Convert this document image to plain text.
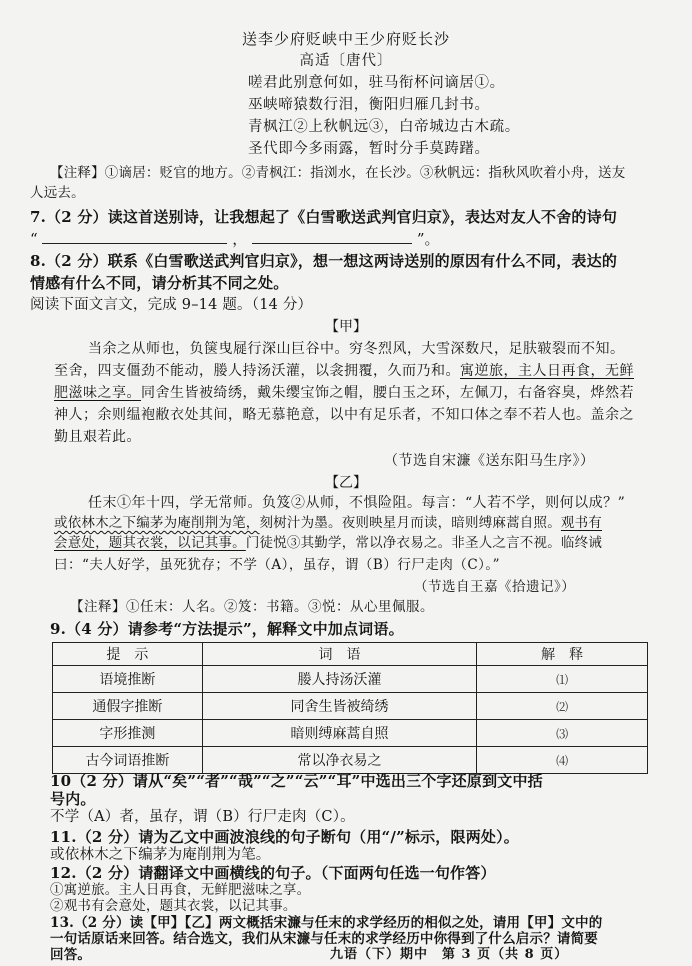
送李少府贬峡中王少府贬长沙
高适〔唐代〕
嗟君此别意何如，驻马衔杯问谪居①。
巫峡啼猿数行泪，衡阳归雁几封书。
青枫江②上秋帆远③，白帝城边古木疏。
圣代即今多雨露，暂时分手莫踌躇。
【注释】①谪居：贬官的地方。②青枫江：指浏水，在长沙。③秋帆远：指秋风吹着小舟，送友
人远去。
7.（2 分）读这首送别诗，让我想起了《白雪歌送武判官归京》，表达对友人不舍的诗句
“	，	”。
8.（2 分）联系《白雪歌送武判官归京》，想一想这两诗送别的原因有什么不同，表达的
情感有什么不同，请分析其不同之处。
阅读下面文言文，完成 9–14 题。（14 分）
【甲】
当余之从师也，负箧曳屣行深山巨谷中。穷冬烈风，大雪深数尺，足肤皲裂而不知。
至舍，四支僵劲不能动，媵人持汤沃灌，以衾拥覆，久而乃和。寓逆旅，主人日再食，无鲜
肥滋味之享。同舍生皆被绮绣，戴朱缨宝饰之帽，腰白玉之环，左佩刀，右备容臭，烨然若
神人；余则缊袍敝衣处其间，略无慕艳意，以中有足乐者，不知口体之奉不若人也。盖余之
勤且艰若此。
（节选自宋濂《送东阳马生序》）
【乙】
任末①年十四，学无常师。负笈②从师，不惧险阻。每言：“人若不学，则何以成？”
或依林木之下编茅为庵削荆为笔，刻树汁为墨。夜则映星月而读，暗则缚麻蒿自照。观书有
会意处，题其衣裳，以记其事。门徒悦③其勤学，常以净衣易之。非圣人之言不视。临终诫
曰：“夫人好学，虽死犹存；不学（A），虽存，谓（B）行尸走肉（C）。”
（节选自王嘉《拾遗记》）
【注释】①任末：人名。②笈：书籍。③悦：从心里佩服。
9.（4 分）请参考“方法提示”，解释文中加点词语。
提　示	词　语	解　释
语境推断	媵人持汤沃灌	⑴
通假字推断	同舍生皆被绮绣	⑵
字形推测	暗则缚麻蒿自照	⑶
古今词语推断	常以净衣易之	⑷
10（2 分）请从“矣”“者”“哉”“之”“云”“耳”中选出三个字还原到文中括
号内。
不学（A）者，虽存，谓（B）行尸走肉（C）。
11.（2 分）请为乙文中画波浪线的句子断句（用“/”标示，限两处）。
或依林木之下编茅为庵削荆为笔。
12.（2 分）请翻译文中画横线的句子。（下面两句任选一句作答）
①寓逆旅。主人日再食，无鲜肥滋味之享。
②观书有会意处，题其衣裳，以记其事。
13.（2 分）读【甲】【乙】两文概括宋濂与任末的求学经历的相似之处，请用【甲】文中的
一句话原话来回答。结合选文，我们从宋濂与任末的求学经历中你得到了什么启示？请简要
回答。	九语（下）期中　第 3 页（共 8 页）
